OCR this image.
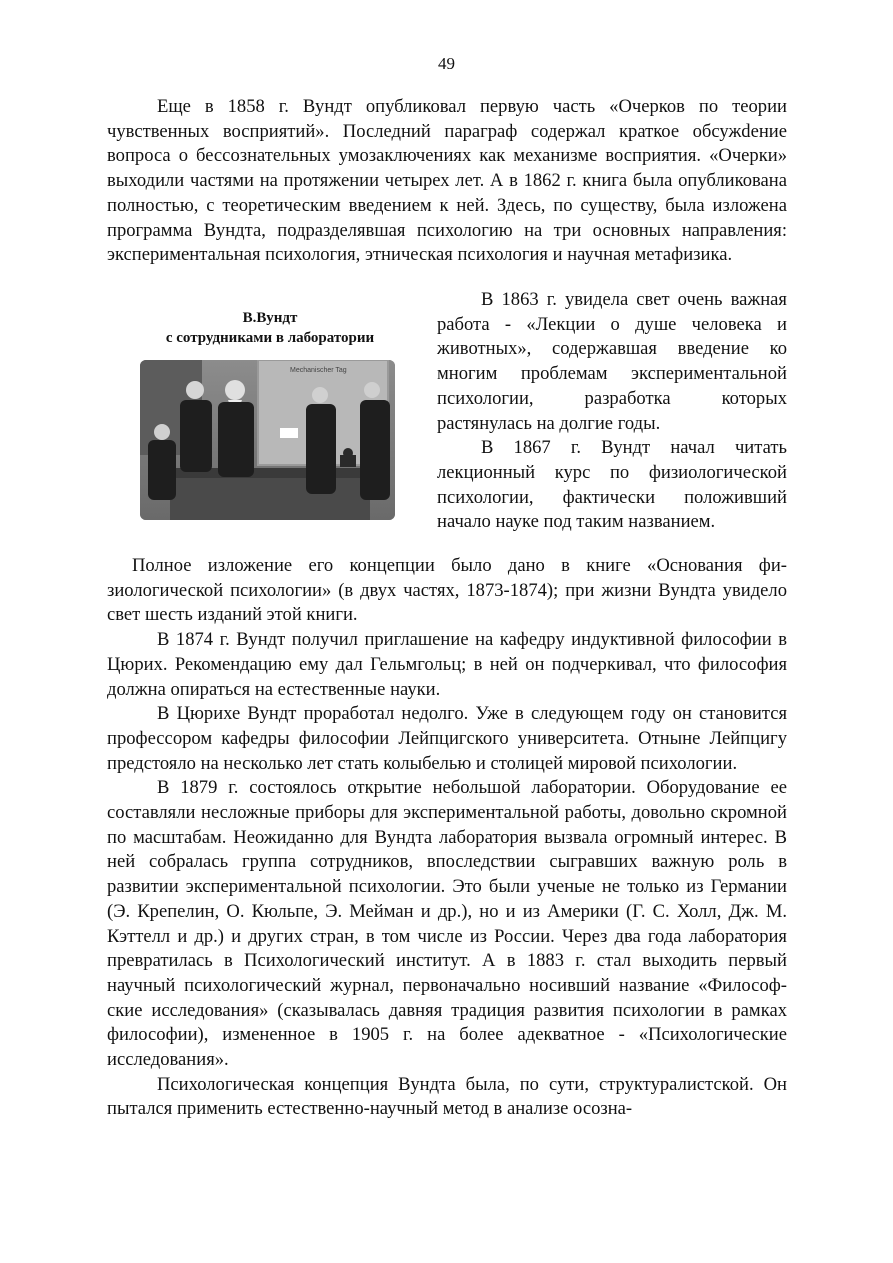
49

Еще в 1858 г. Вундт опубликовал первую часть «Очерков по теории чувственных восприятий». Последний параграф содержал краткое обсужdение вопроса о бессознательных умозаключениях как механизме восприятия. «Очерки» выходили частями на протяжении четырех лет. А в 1862 г. книга была опубликована полностью, с теоретическим введением к ней. Здесь, по существу, была изложена программа Вундта, подразделявшая психологию на три основных направления: экспериментальная психология, этническая психология и научная метафизика.

В.Вундт
с сотрудниками в лаборатории
Mechanischer Tag

В 1863 г. увидела свет очень важная работа - «Лекции о душе человека и животных», содержавшая введение ко многим проблемам экспериментальной психологии, разработка которых растянулась на долгие годы.

В 1867 г. Вундт начал читать лекционный курс по физиологической психологии, фактически положивший начало науке под таким названием.

Полное изложение его концепции было дано в книге «Основания физиологической психологии» (в двух частях, 1873-1874); при жизни Вундта увидело свет шесть изданий этой книги.

В 1874 г. Вундт получил приглашение на кафедру индуктивной философии в Цюрих. Рекомендацию ему дал Гельмгольц; в ней он подчеркивал, что философия должна опираться на естественные науки.

В Цюрихе Вундт проработал недолго. Уже в следующем году он становится профессором кафедры философии Лейпцигского университета. Отныне Лейпцигу предстояло на несколько лет стать колыбелью и столицей мировой психологии.

В 1879 г. состоялось открытие небольшой лаборатории. Оборудование ее составляли несложные приборы для экспериментальной работы, довольно скромной по масштабам. Неожиданно для Вундта лаборатория вызвала огромный интерес. В ней собралась группа сотрудников, впоследствии сыгравших важную роль в развитии экспериментальной психологии. Это были ученые не только из Германии (Э. Крепелин, О. Кюльпе, Э. Мейман и др.), но и из Америки (Г. С. Холл, Дж. М. Кэттелл и др.) и других стран, в том числе из России. Через два года лаборатория превратилась в Психологический институт. А в 1883 г. стал выходить первый научный психологический журнал, первоначально носивший название «Философские исследования» (сказывалась давняя традиция развития психологии в рамках философии), измененное в 1905 г. на более адекватное - «Психологические исследования».

Психологическая концепция Вундта была, по сути, структуралистской. Он пытался применить естественно-научный метод в анализе осозна-
